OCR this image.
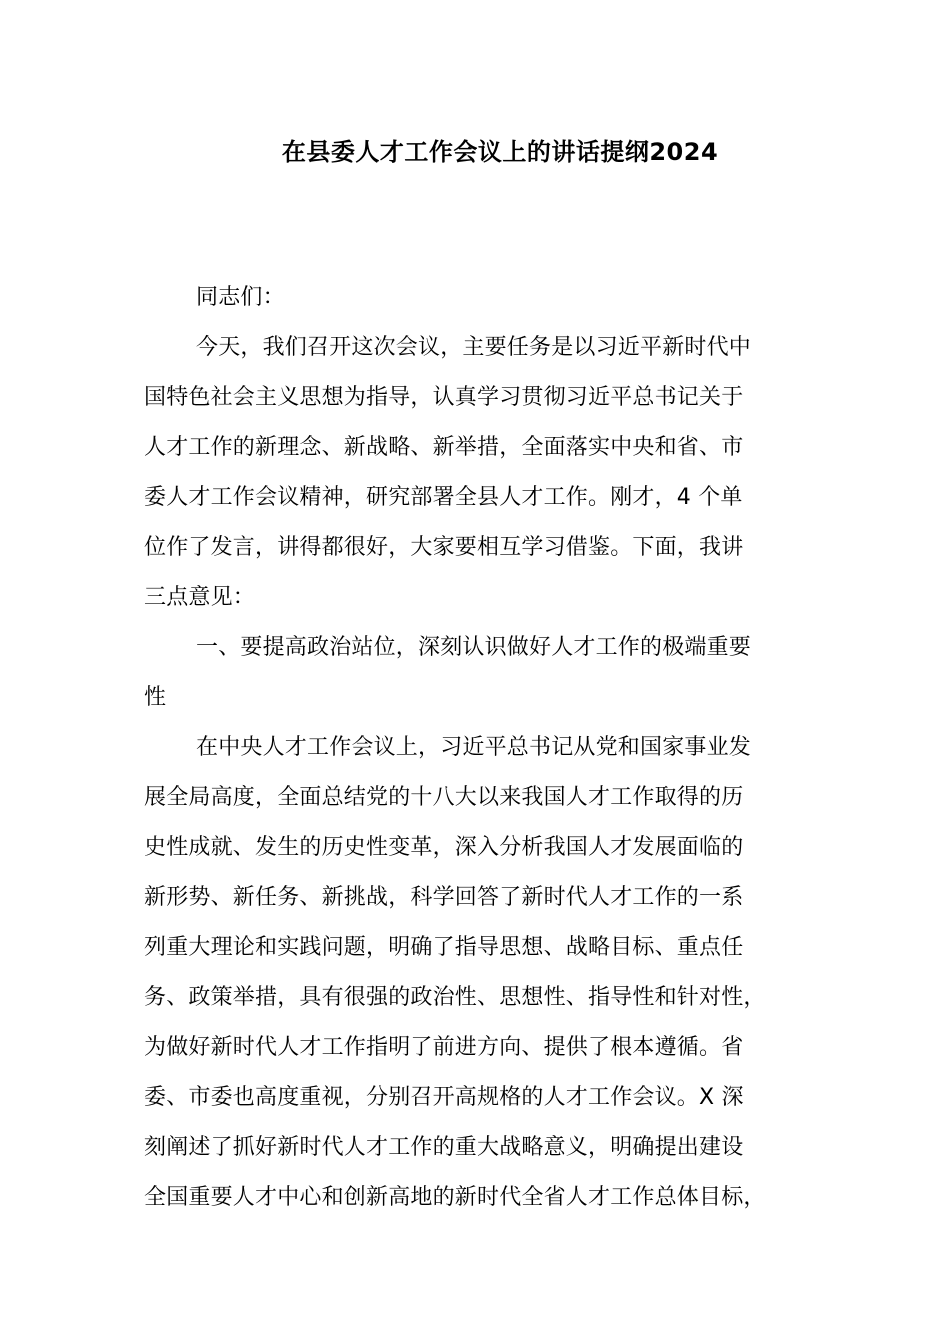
在县委人才工作会议上的讲话提纲2024
同志们：
今天，我们召开这次会议，主要任务是以习近平新时代中
国特色社会主义思想为指导，认真学习贯彻习近平总书记关于
人才工作的新理念、新战略、新举措，全面落实中央和省、市
委人才工作会议精神，研究部署全县人才工作。刚才，4 个单
位作了发言，讲得都很好，大家要相互学习借鉴。下面，我讲
三点意见：
一、要提高政治站位，深刻认识做好人才工作的极端重要
性
在中央人才工作会议上，习近平总书记从党和国家事业发
展全局高度，全面总结党的十八大以来我国人才工作取得的历
史性成就、发生的历史性变革，深入分析我国人才发展面临的
新形势、新任务、新挑战，科学回答了新时代人才工作的一系
列重大理论和实践问题，明确了指导思想、战略目标、重点任
务、政策举措，具有很强的政治性、思想性、指导性和针对性，
为做好新时代人才工作指明了前进方向、提供了根本遵循。省
委、市委也高度重视，分别召开高规格的人才工作会议。X 深
刻阐述了抓好新时代人才工作的重大战略意义，明确提出建设
全国重要人才中心和创新高地的新时代全省人才工作总体目标，
